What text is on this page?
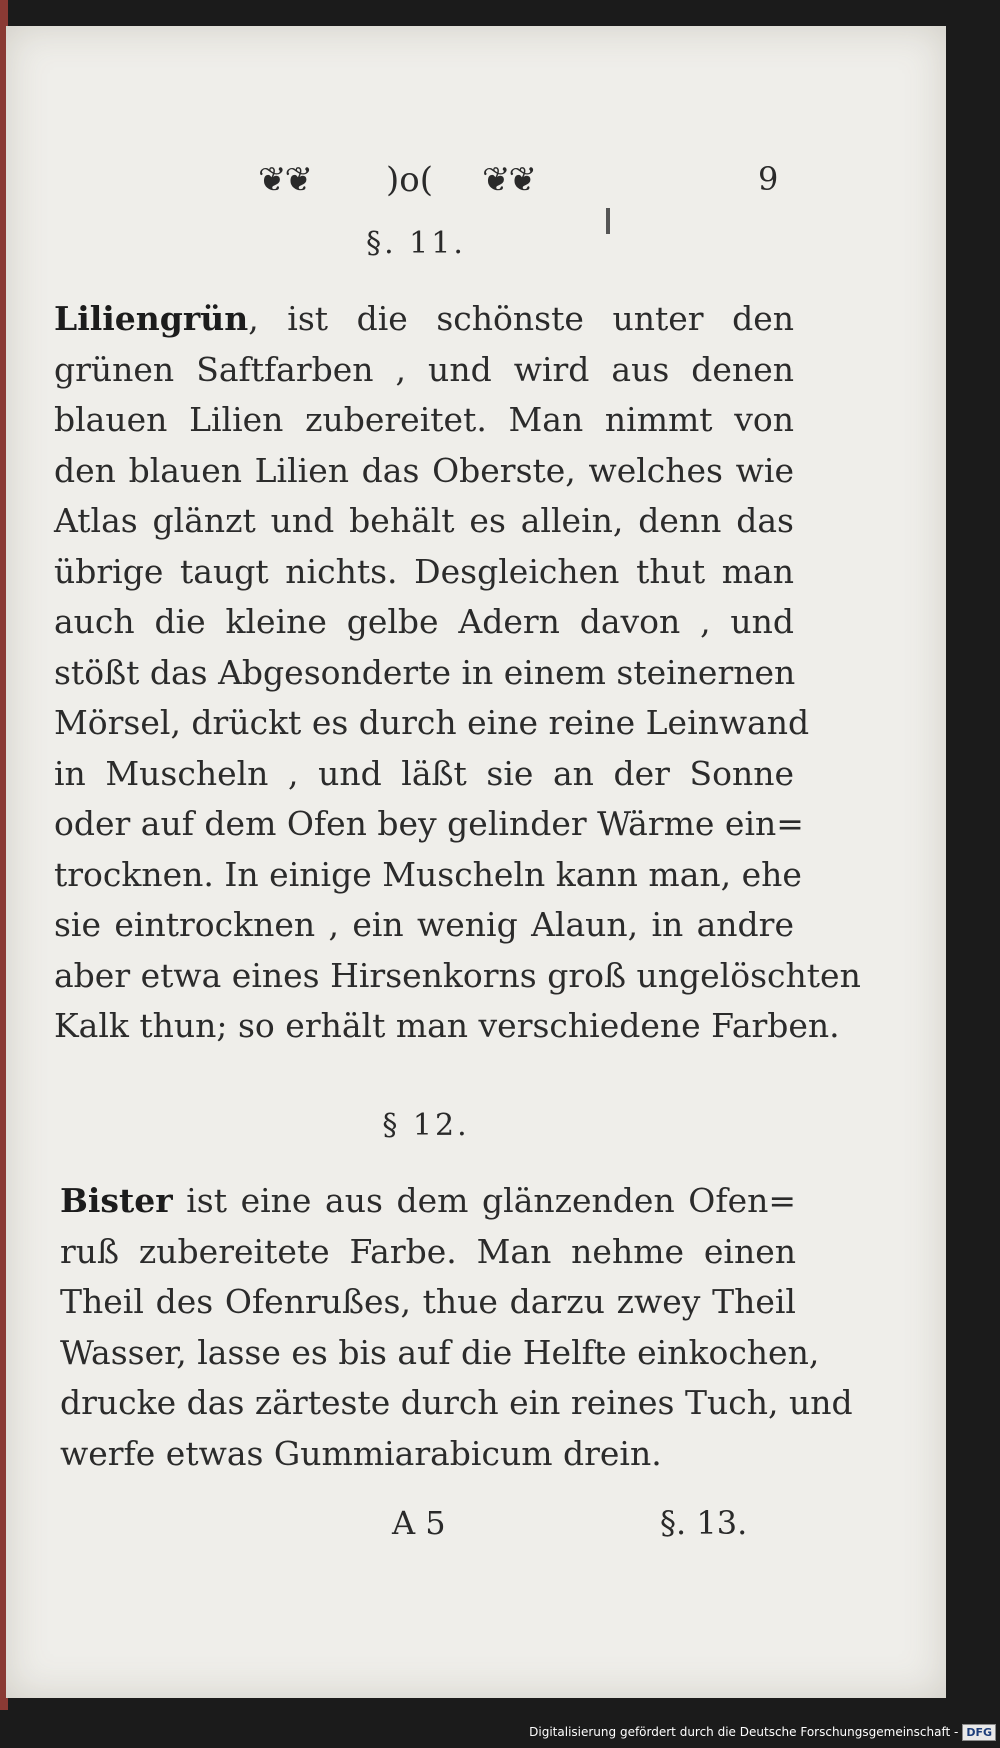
❦❦ )o( ❦❦	9
§. 11.
Liliengrün, ist die schönste unter den
grünen Saftfarben , und wird aus denen
blauen Lilien zubereitet. Man nimmt von
den blauen Lilien das Oberste, welches wie
Atlas glänzt und behält es allein, denn das
übrige taugt nichts. Desgleichen thut man
auch die kleine gelbe Adern davon , und
stößt das Abgesonderte in einem steinernen
Mörsel, drückt es durch eine reine Leinwand
in Muscheln , und läßt sie an der Sonne
oder auf dem Ofen bey gelinder Wärme ein=
trocknen. In einige Muscheln kann man, ehe
sie eintrocknen , ein wenig Alaun, in andre
aber etwa eines Hirsenkorns groß ungelöschten
Kalk thun; so erhält man verschiedene Farben.
§ 12.
Bister ist eine aus dem glänzenden Ofen=
ruß zubereitete Farbe. Man nehme einen
Theil des Ofenrußes, thue darzu zwey Theil
Wasser, lasse es bis auf die Helfte einkochen,
drucke das zärteste durch ein reines Tuch, und
werfe etwas Gummiarabicum drein.
A 5	§. 13.
Digitalisierung gefördert durch die Deutsche Forschungsgemeinschaft - DFG
